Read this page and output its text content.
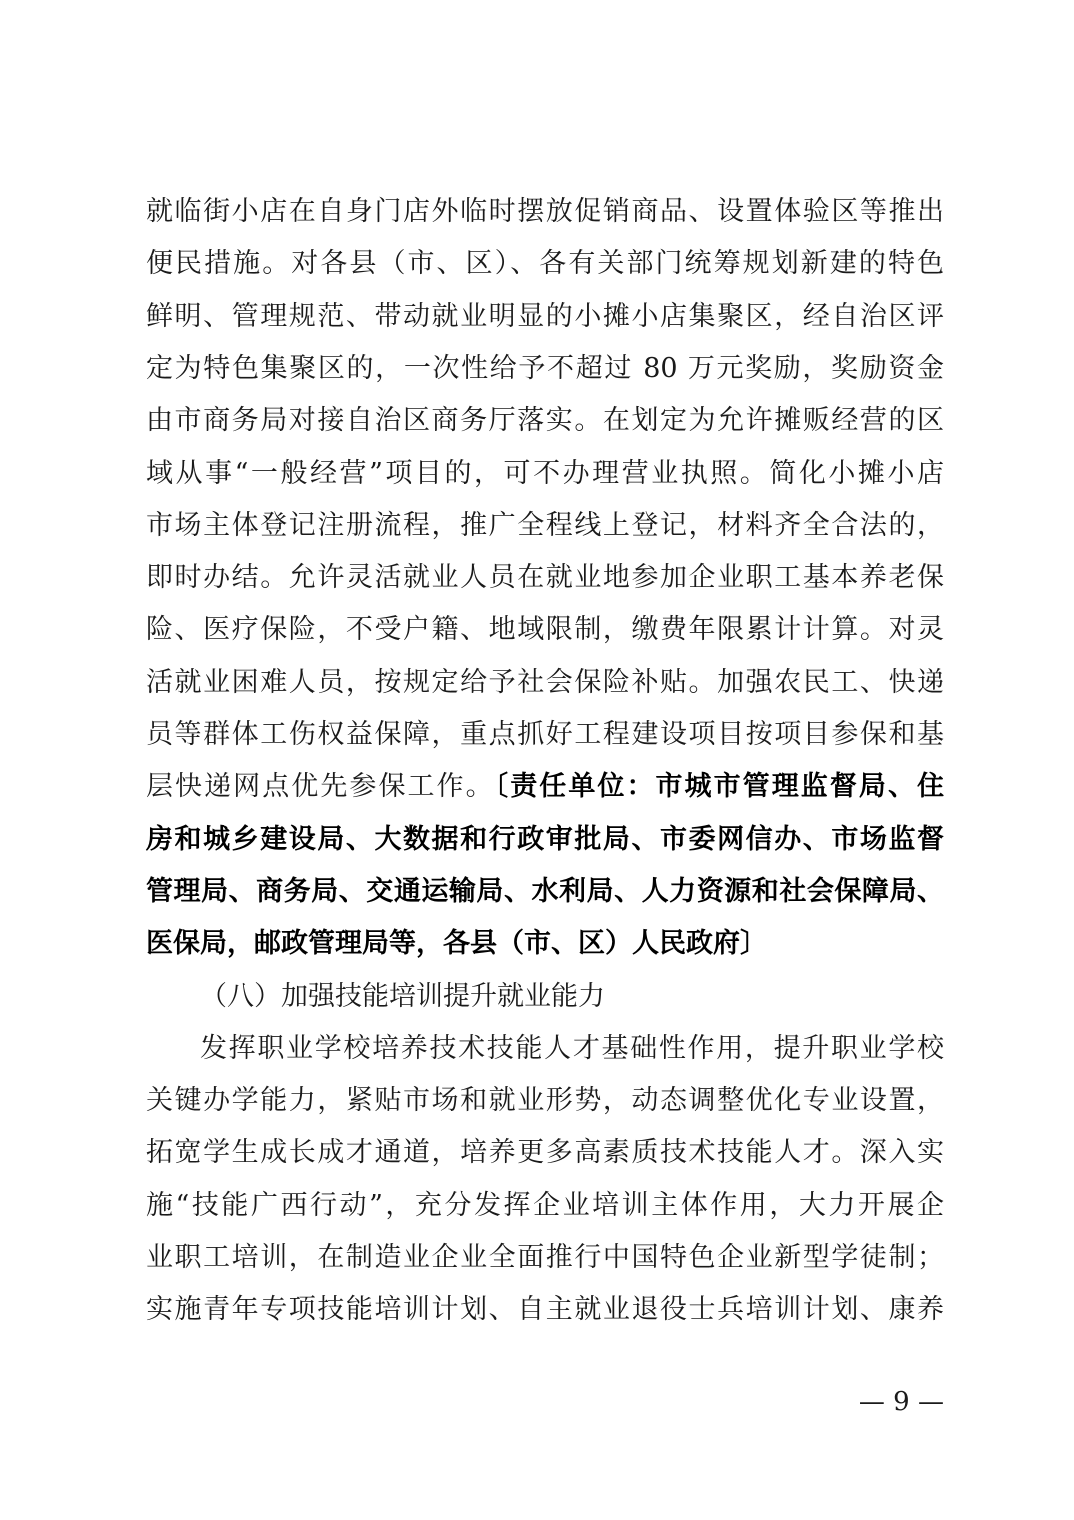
就临街小店在自身门店外临时摆放促销商品、设置体验区等推出
便民措施。对各县（市、区）、各有关部门统筹规划新建的特色
鲜明、管理规范、带动就业明显的小摊小店集聚区，经自治区评
定为特色集聚区的，一次性给予不超过 80 万元奖励，奖励资金
由市商务局对接自治区商务厅落实。在划定为允许摊贩经营的区
域从事“一般经营”项目的，可不办理营业执照。简化小摊小店
市场主体登记注册流程，推广全程线上登记，材料齐全合法的，
即时办结。允许灵活就业人员在就业地参加企业职工基本养老保
险、医疗保险，不受户籍、地域限制，缴费年限累计计算。对灵
活就业困难人员，按规定给予社会保险补贴。加强农民工、快递
员等群体工伤权益保障，重点抓好工程建设项目按项目参保和基
层快递网点优先参保工作。〔责任单位：市城市管理监督局、住
房和城乡建设局、大数据和行政审批局、市委网信办、市场监督
管理局、商务局、交通运输局、水利局、人力资源和社会保障局、
医保局，邮政管理局等，各县（市、区）人民政府〕
（八）加强技能培训提升就业能力
发挥职业学校培养技术技能人才基础性作用，提升职业学校
关键办学能力，紧贴市场和就业形势，动态调整优化专业设置，
拓宽学生成长成才通道，培养更多高素质技术技能人才。深入实
施“技能广西行动”，充分发挥企业培训主体作用，大力开展企
业职工培训，在制造业企业全面推行中国特色企业新型学徒制；
实施青年专项技能培训计划、自主就业退役士兵培训计划、康养
— 9 —
